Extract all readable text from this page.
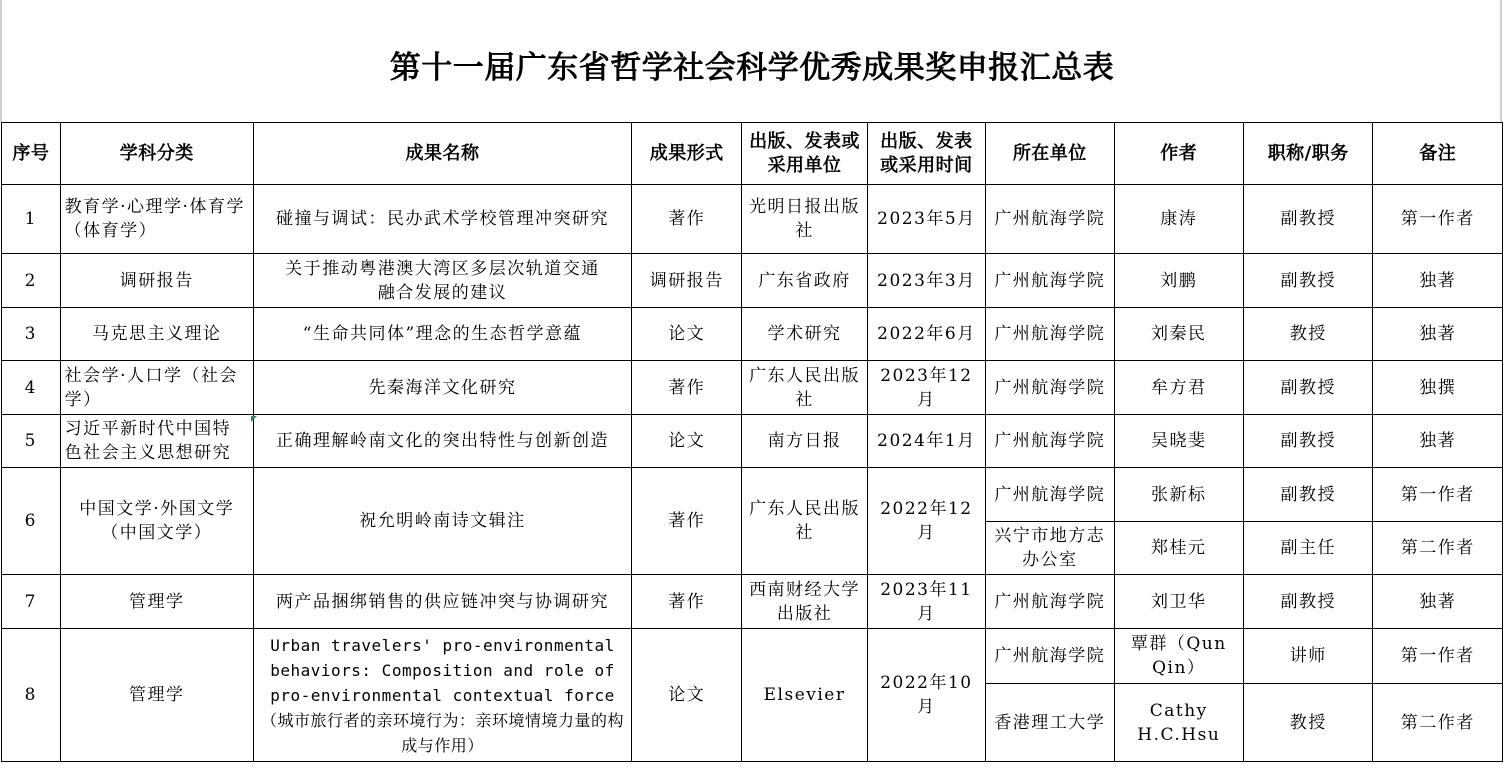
第十一届广东省哲学社会科学优秀成果奖申报汇总表
序号	学科分类	成果名称	成果形式	出版、发表或采用单位	出版、发表或采用时间	所在单位	作者	职称/职务	备注
1	教育学·心理学·体育学（体育学）	碰撞与调试：民办武术学校管理冲突研究	著作	光明日报出版社	2023年5月	广州航海学院	康涛	副教授	第一作者
2	调研报告	关于推动粤港澳大湾区多层次轨道交通融合发展的建议	调研报告	广东省政府	2023年3月	广州航海学院	刘鹏	副教授	独著
3	马克思主义理论	“生命共同体”理念的生态哲学意蕴	论文	学术研究	2022年6月	广州航海学院	刘秦民	教授	独著
4	社会学·人口学（社会学）	先秦海洋文化研究	著作	广东人民出版社	2023年12月	广州航海学院	牟方君	副教授	独撰
5	习近平新时代中国特色社会主义思想研究	正确理解岭南文化的突出特性与创新创造	论文	南方日报	2024年1月	广州航海学院	吴晓斐	副教授	独著
6	中国文学·外国文学（中国文学）	祝允明岭南诗文辑注	著作	广东人民出版社	2022年12月	广州航海学院	张新标	副教授	第一作者
						兴宁市地方志办公室	郑桂元	副主任	第二作者
7	管理学	两产品捆绑销售的供应链冲突与协调研究	著作	西南财经大学出版社	2023年11月	广州航海学院	刘卫华	副教授	独著
8	管理学	Urban travelers' pro-environmental behaviors: Composition and role of pro-environmental contextual force（城市旅行者的亲环境行为：亲环境情境力量的构成与作用）	论文	Elsevier	2022年10月	广州航海学院	覃群（Qun Qin）	讲师	第一作者
						香港理工大学	Cathy H.C.Hsu	教授	第二作者
